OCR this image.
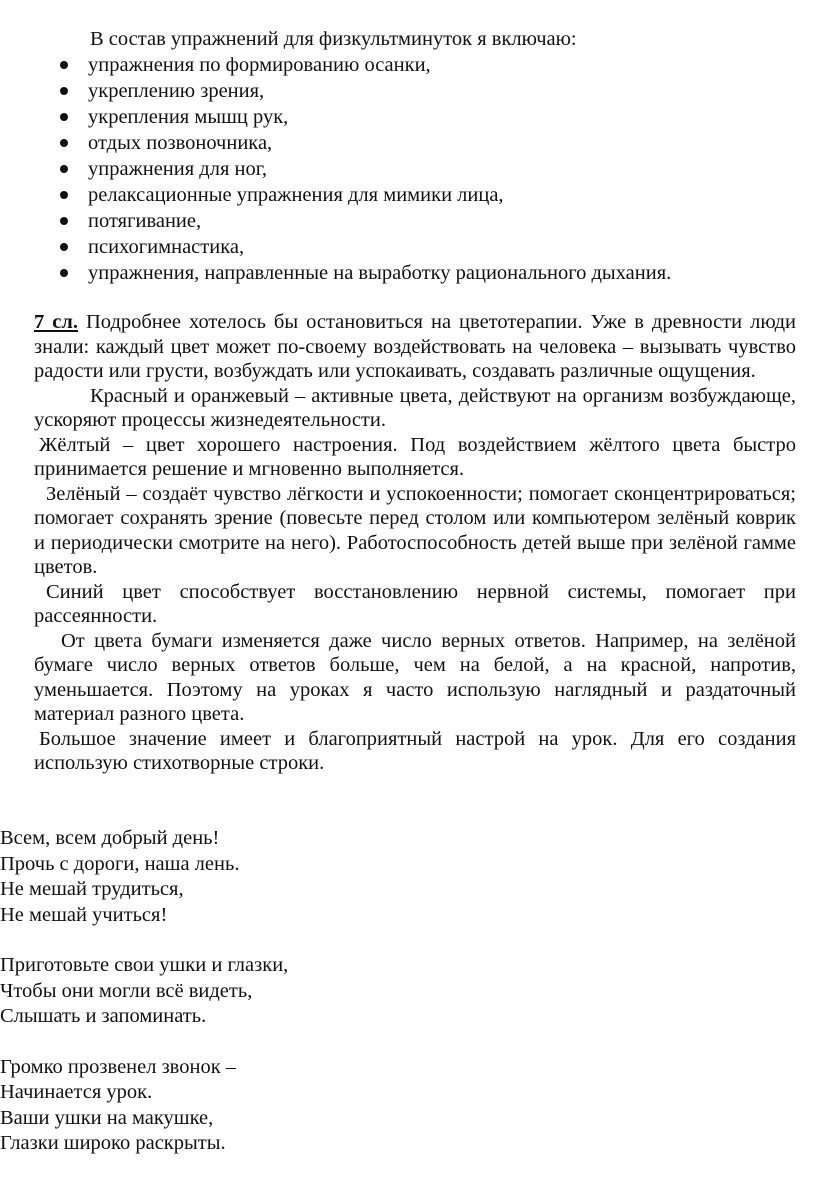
В состав упражнений для физкультминуток я включаю:
упражнения по формированию осанки,
укреплению зрения,
укрепления мышц рук,
отдых позвоночника,
упражнения для ног,
релаксационные упражнения для мимики лица,
потягивание,
психогимнастика,
упражнения, направленные на выработку рационального дыхания.

7 сл. Подробнее хотелось бы остановиться на цветотерапии. Уже в древности люди знали: каждый цвет может по-своему воздействовать на человека – вызывать чувство радости или грусти, возбуждать или успокаивать, создавать различные ощущения.

Красный и оранжевый – активные цвета, действуют на организм возбуждающе, ускоряют процессы жизнедеятельности.

Жёлтый – цвет хорошего настроения. Под воздействием жёлтого цвета быстро принимается решение и мгновенно выполняется.

Зелёный – создаёт чувство лёгкости и успокоенности; помогает сконцентрироваться; помогает сохранять зрение (повесьте перед столом или компьютером зелёный коврик и периодически смотрите на него). Работоспособность детей выше при зелёной гамме цветов.

Синий цвет способствует восстановлению нервной системы, помогает при рассеянности.

От цвета бумаги изменяется даже число верных ответов. Например, на зелёной бумаге число верных ответов больше, чем на белой, а на красной, напротив, уменьшается. Поэтому на уроках я часто использую наглядный и раздаточный материал разного цвета.

Большое значение имеет и благоприятный настрой на урок. Для его создания использую стихотворные строки.

Всем, всем добрый день!
Прочь с дороги, наша лень.
Не мешай трудиться,
Не мешай учиться!
Приготовьте свои ушки и глазки,
Чтобы они могли всё видеть,
Слышать и запоминать.
Громко прозвенел звонок –
Начинается урок.
Ваши ушки на макушке,
Глазки широко раскрыты.
